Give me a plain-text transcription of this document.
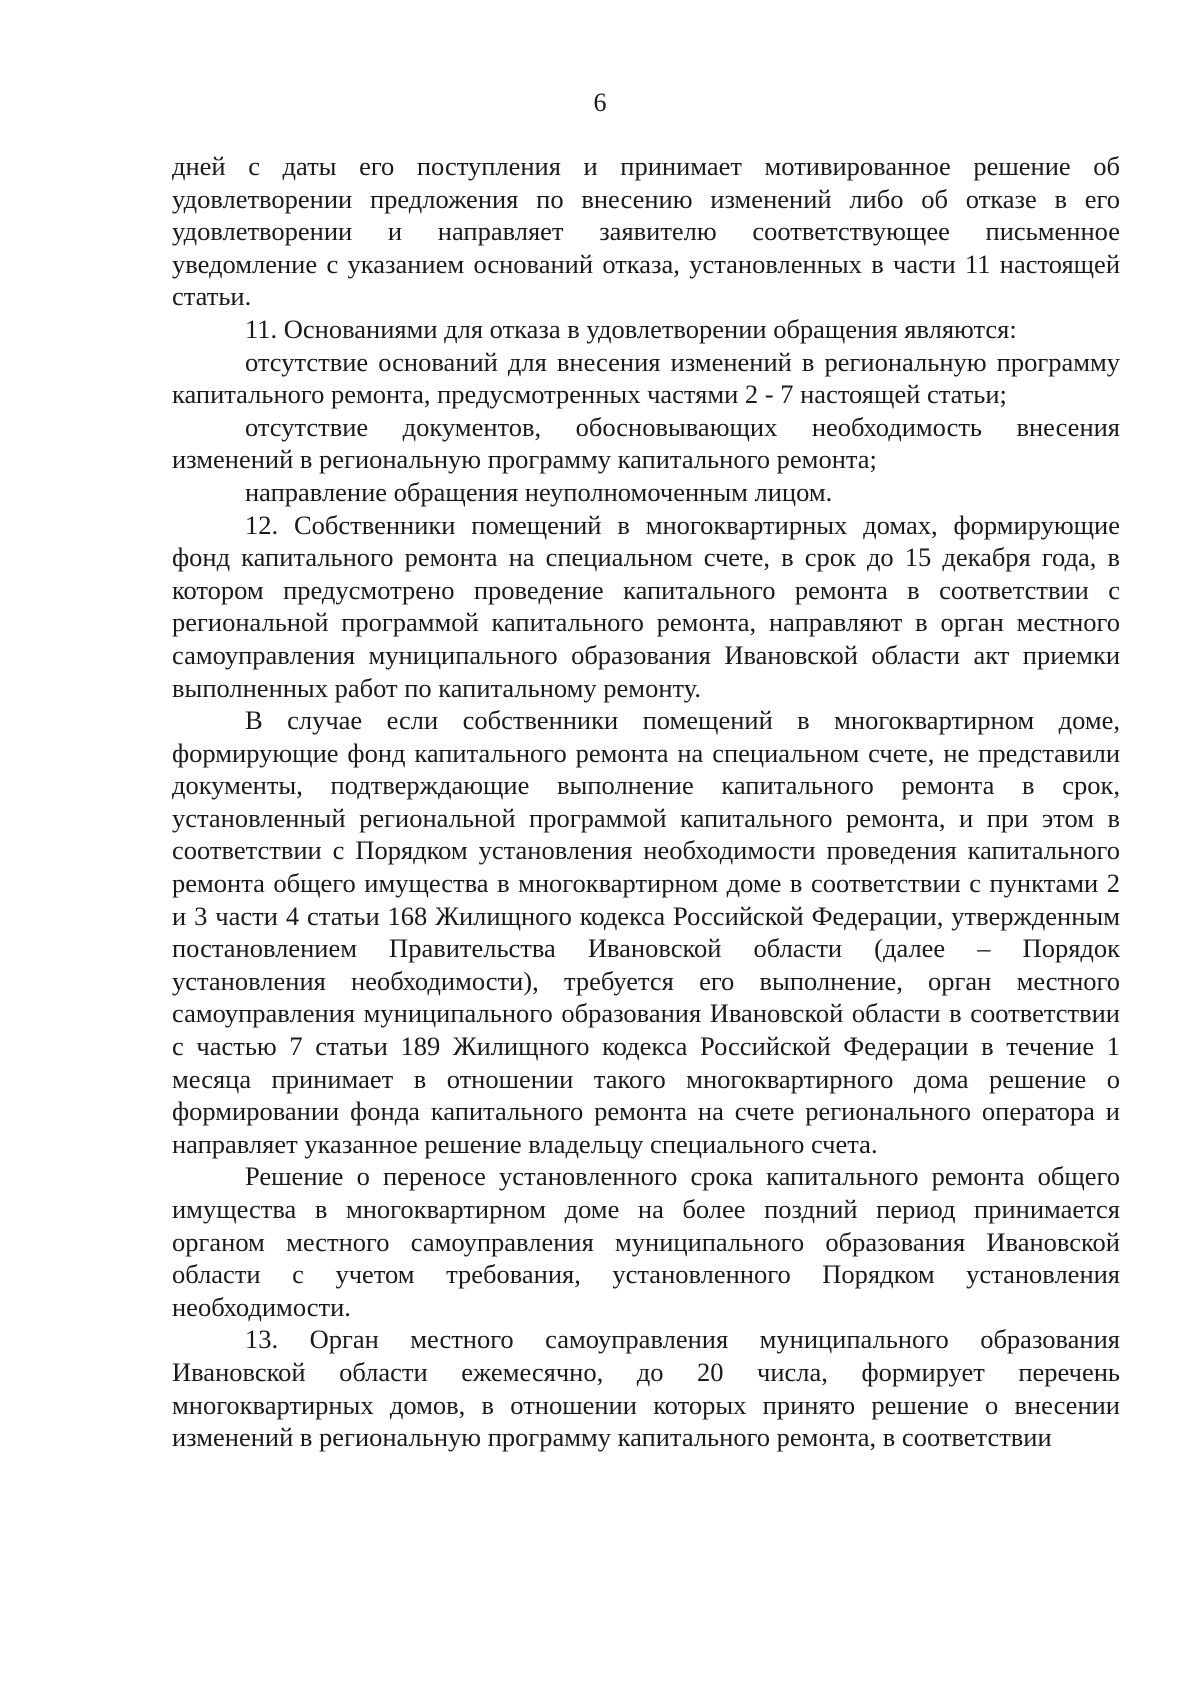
6

дней с даты его поступления и принимает мотивированное решение об удовлетворении предложения по внесению изменений либо об отказе в его удовлетворении и направляет заявителю соответствующее письменное уведомление с указанием оснований отказа, установленных в части 11 настоящей статьи.

11. Основаниями для отказа в удовлетворении обращения являются:

отсутствие оснований для внесения изменений в региональную программу капитального ремонта, предусмотренных частями 2 - 7 настоящей статьи;

отсутствие документов, обосновывающих необходимость внесения изменений в региональную программу капитального ремонта;

направление обращения неуполномоченным лицом.

12. Собственники помещений в многоквартирных домах, формирующие фонд капитального ремонта на специальном счете, в срок до 15 декабря года, в котором предусмотрено проведение капитального ремонта в соответствии с региональной программой капитального ремонта, направляют в орган местного самоуправления муниципального образования Ивановской области акт приемки выполненных работ по капитальному ремонту.

В случае если собственники помещений в многоквартирном доме, формирующие фонд капитального ремонта на специальном счете, не представили документы, подтверждающие выполнение капитального ремонта в срок, установленный региональной программой капитального ремонта, и при этом в соответствии с Порядком установления необходимости проведения капитального ремонта общего имущества в многоквартирном доме в соответствии с пунктами 2 и 3 части 4 статьи 168 Жилищного кодекса Российской Федерации, утвержденным постановлением Правительства Ивановской области (далее – Порядок установления необходимости), требуется его выполнение, орган местного самоуправления муниципального образования Ивановской области в соответствии с частью 7 статьи 189 Жилищного кодекса Российской Федерации в течение 1 месяца принимает в отношении такого многоквартирного дома решение о формировании фонда капитального ремонта на счете регионального оператора и направляет указанное решение владельцу специального счета.

Решение о переносе установленного срока капитального ремонта общего имущества в многоквартирном доме на более поздний период принимается органом местного самоуправления муниципального образования Ивановской области с учетом требования, установленного Порядком установления необходимости.

13. Орган местного самоуправления муниципального образования Ивановской области ежемесячно, до 20 числа, формирует перечень многоквартирных домов, в отношении которых принято решение о внесении изменений в региональную программу капитального ремонта, в соответствии
